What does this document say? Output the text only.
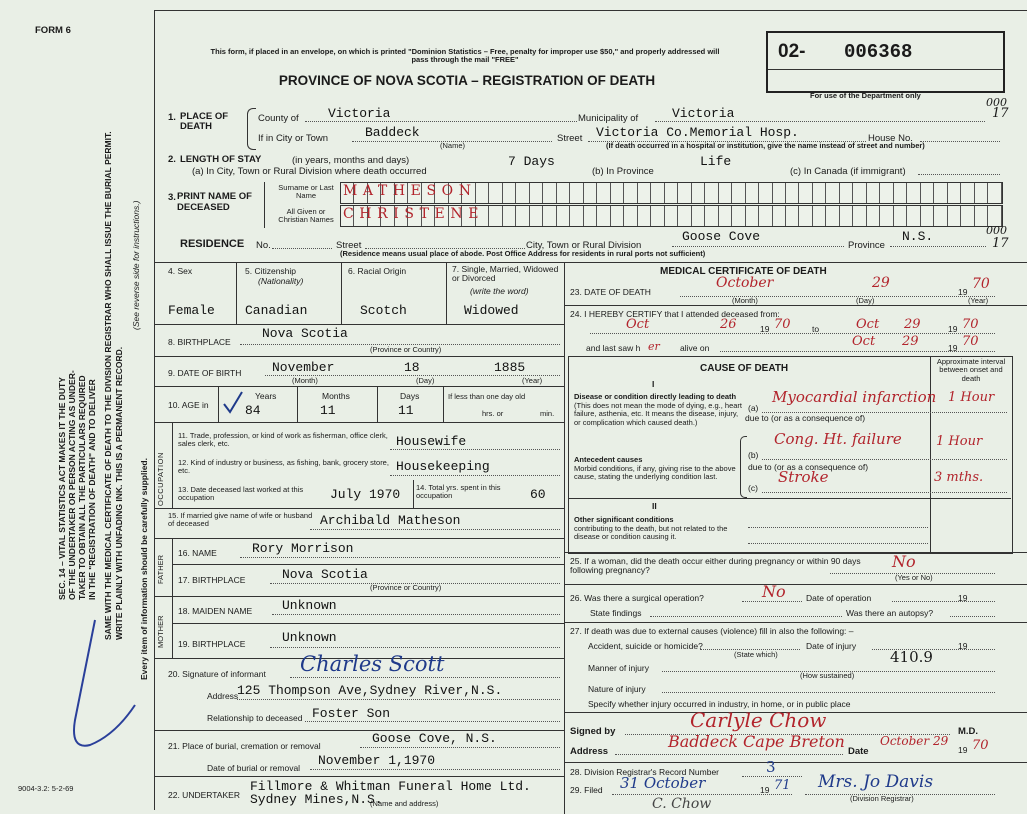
FORM 6
9004-3.2: 5-2-69
SEC. 14 – VITAL STATISTICS ACT MAKES IT THE DUTY OF THE UNDERTAKER OR PERSON ACTING AS UNDER- TAKER TO OBTAIN ALL THE PARTICULARS REQUIRED IN THE "REGISTRATION OF DEATH" AND TO DELIVER SAME WITH THE MEDICAL CERTIFICATE OF DEATH TO THE DIVISION REGISTRAR WHO SHALL ISSUE THE BURIAL PERMIT. WRITE PLAINLY WITH UNFADING INK. THIS IS A PERMANENT RECORD.
(See reverse side for instructions.)
Every item of information should be carefully supplied.
This form, if placed in an envelope, on which is printed "Dominion Statistics – Free, penalty for improper use $50," and properly addressed will pass through the mail "FREE"
PROVINCE OF NOVA SCOTIA – REGISTRATION OF DEATH
02- 006368
For use of the Department only
000
17
1. PLACE OF DEATH
County of Victoria	Municipality of	Victoria
If in City or Town	Baddeck
(Name)
Street Victoria Co.Memorial Hosp.	House No.
(If death occurred in a hospital or institution, give the name instead of street and number)
2. LENGTH OF STAY	(in years, months and days)
(a) In City, Town or Rural Division where death occurred
7 Days
(b) In Province
Life
(c) In Canada (if immigrant)
3. PRINT NAME OF DECEASED
Surname or Last Name
All Given or Christian Names
MATHESON
CHRISTENE
RESIDENCE No.	Street	City, Town or Rural Division
Goose Cove
Province
N.S.	000
17
(Residence means usual place of abode. Post Office Address for residents in rural ports not sufficient)
4. Sex
Female
5. Citizenship
(Nationality)
Canadian
6. Racial Origin
Scotch
7. Single, Married, Widowed or Divorced
(write the word)
Widowed
8. BIRTHPLACE
Nova Scotia
(Province or Country)
9. DATE OF BIRTH November	18	1885
(Month)	(Day)	(Year)
10. AGE in
Years
84
Months
11
Days
11
If less than one day old
hrs. or	min.
OCCUPATION
11. Trade, profession, or kind of work as fisherman, office clerk, sales clerk, etc.	Housewife
12. Kind of industry or business, as fishing, bank, grocery store, etc.	Housekeeping
13. Date deceased last worked at this occupation	July 1970 14. Total yrs. spent in this occupation	60
15. If married give name of wife or husband of deceased	Archibald Matheson
FATHER
16. NAME	Rory Morrison
17. BIRTHPLACE	Nova Scotia
(Province or Country)
MOTHER
18. MAIDEN NAME Unknown
19. BIRTHPLACE	Unknown
20. Signature of informant Charles Scott
Address
125 Thompson Ave,Sydney River,N.S.
Relationship to deceased Foster Son
21. Place of burial, cremation or removal	Goose Cove, N.S.
Date of burial or removal November 1,1970
22. UNDERTAKER
Fillmore & Whitman Funeral Home Ltd.
Sydney Mines,N.S.
(Name and address)
MEDICAL CERTIFICATE OF DEATH
23. DATE OF DEATH
October	29
19 70
(Month)	(Day)	(Year)
24. I HEREBY CERTIFY that I attended deceased from:
Oct	26	19 70	to	Oct 29	19 70
and last saw h er alive on	Oct 29	19 70
CAUSE OF DEATH
Approximate interval between onset and death
I
Disease or condition directly leading to death
(This does not mean the mode of dying, e.g., heart failure, asthenia, etc. It means the disease, injury, or complication which caused death.)
(a)
Myocardial infarction 1 Hour
due to (or as a consequence of)
Antecedent causes
Morbid conditions, if any, giving rise to the above cause, stating the underlying condition last.
(b)
Cong. Ht. failure	1 Hour
due to (or as a consequence of)
(c)
Stroke	3 mths.
II
Other significant conditions
contributing to the death, but not related to the disease or condition causing it.
25. If a woman, did the death occur either during pregnancy or within 90 days following pregnancy?	No
(Yes or No)
26. Was there a surgical operation?	No Date of operation	19
State findings	Was there an autopsy?
27. If death was due to external causes (violence) fill in also the following: –
Accident, suicide or homicide?
(State which)
Date of injury	19
410.9
Manner of injury
(How sustained)
Nature of injury
Specify whether injury occurred in industry, in home, or in public place
Signed by	Carlyle Chow	M.D.
Address
Baddeck Cape Breton
Date
October 29
19 70
28. Division Registrar's Record Number	3
29. Filed 31 October	19 71 Mrs. Jo Davis
(Division Registrar)
C. Chow
